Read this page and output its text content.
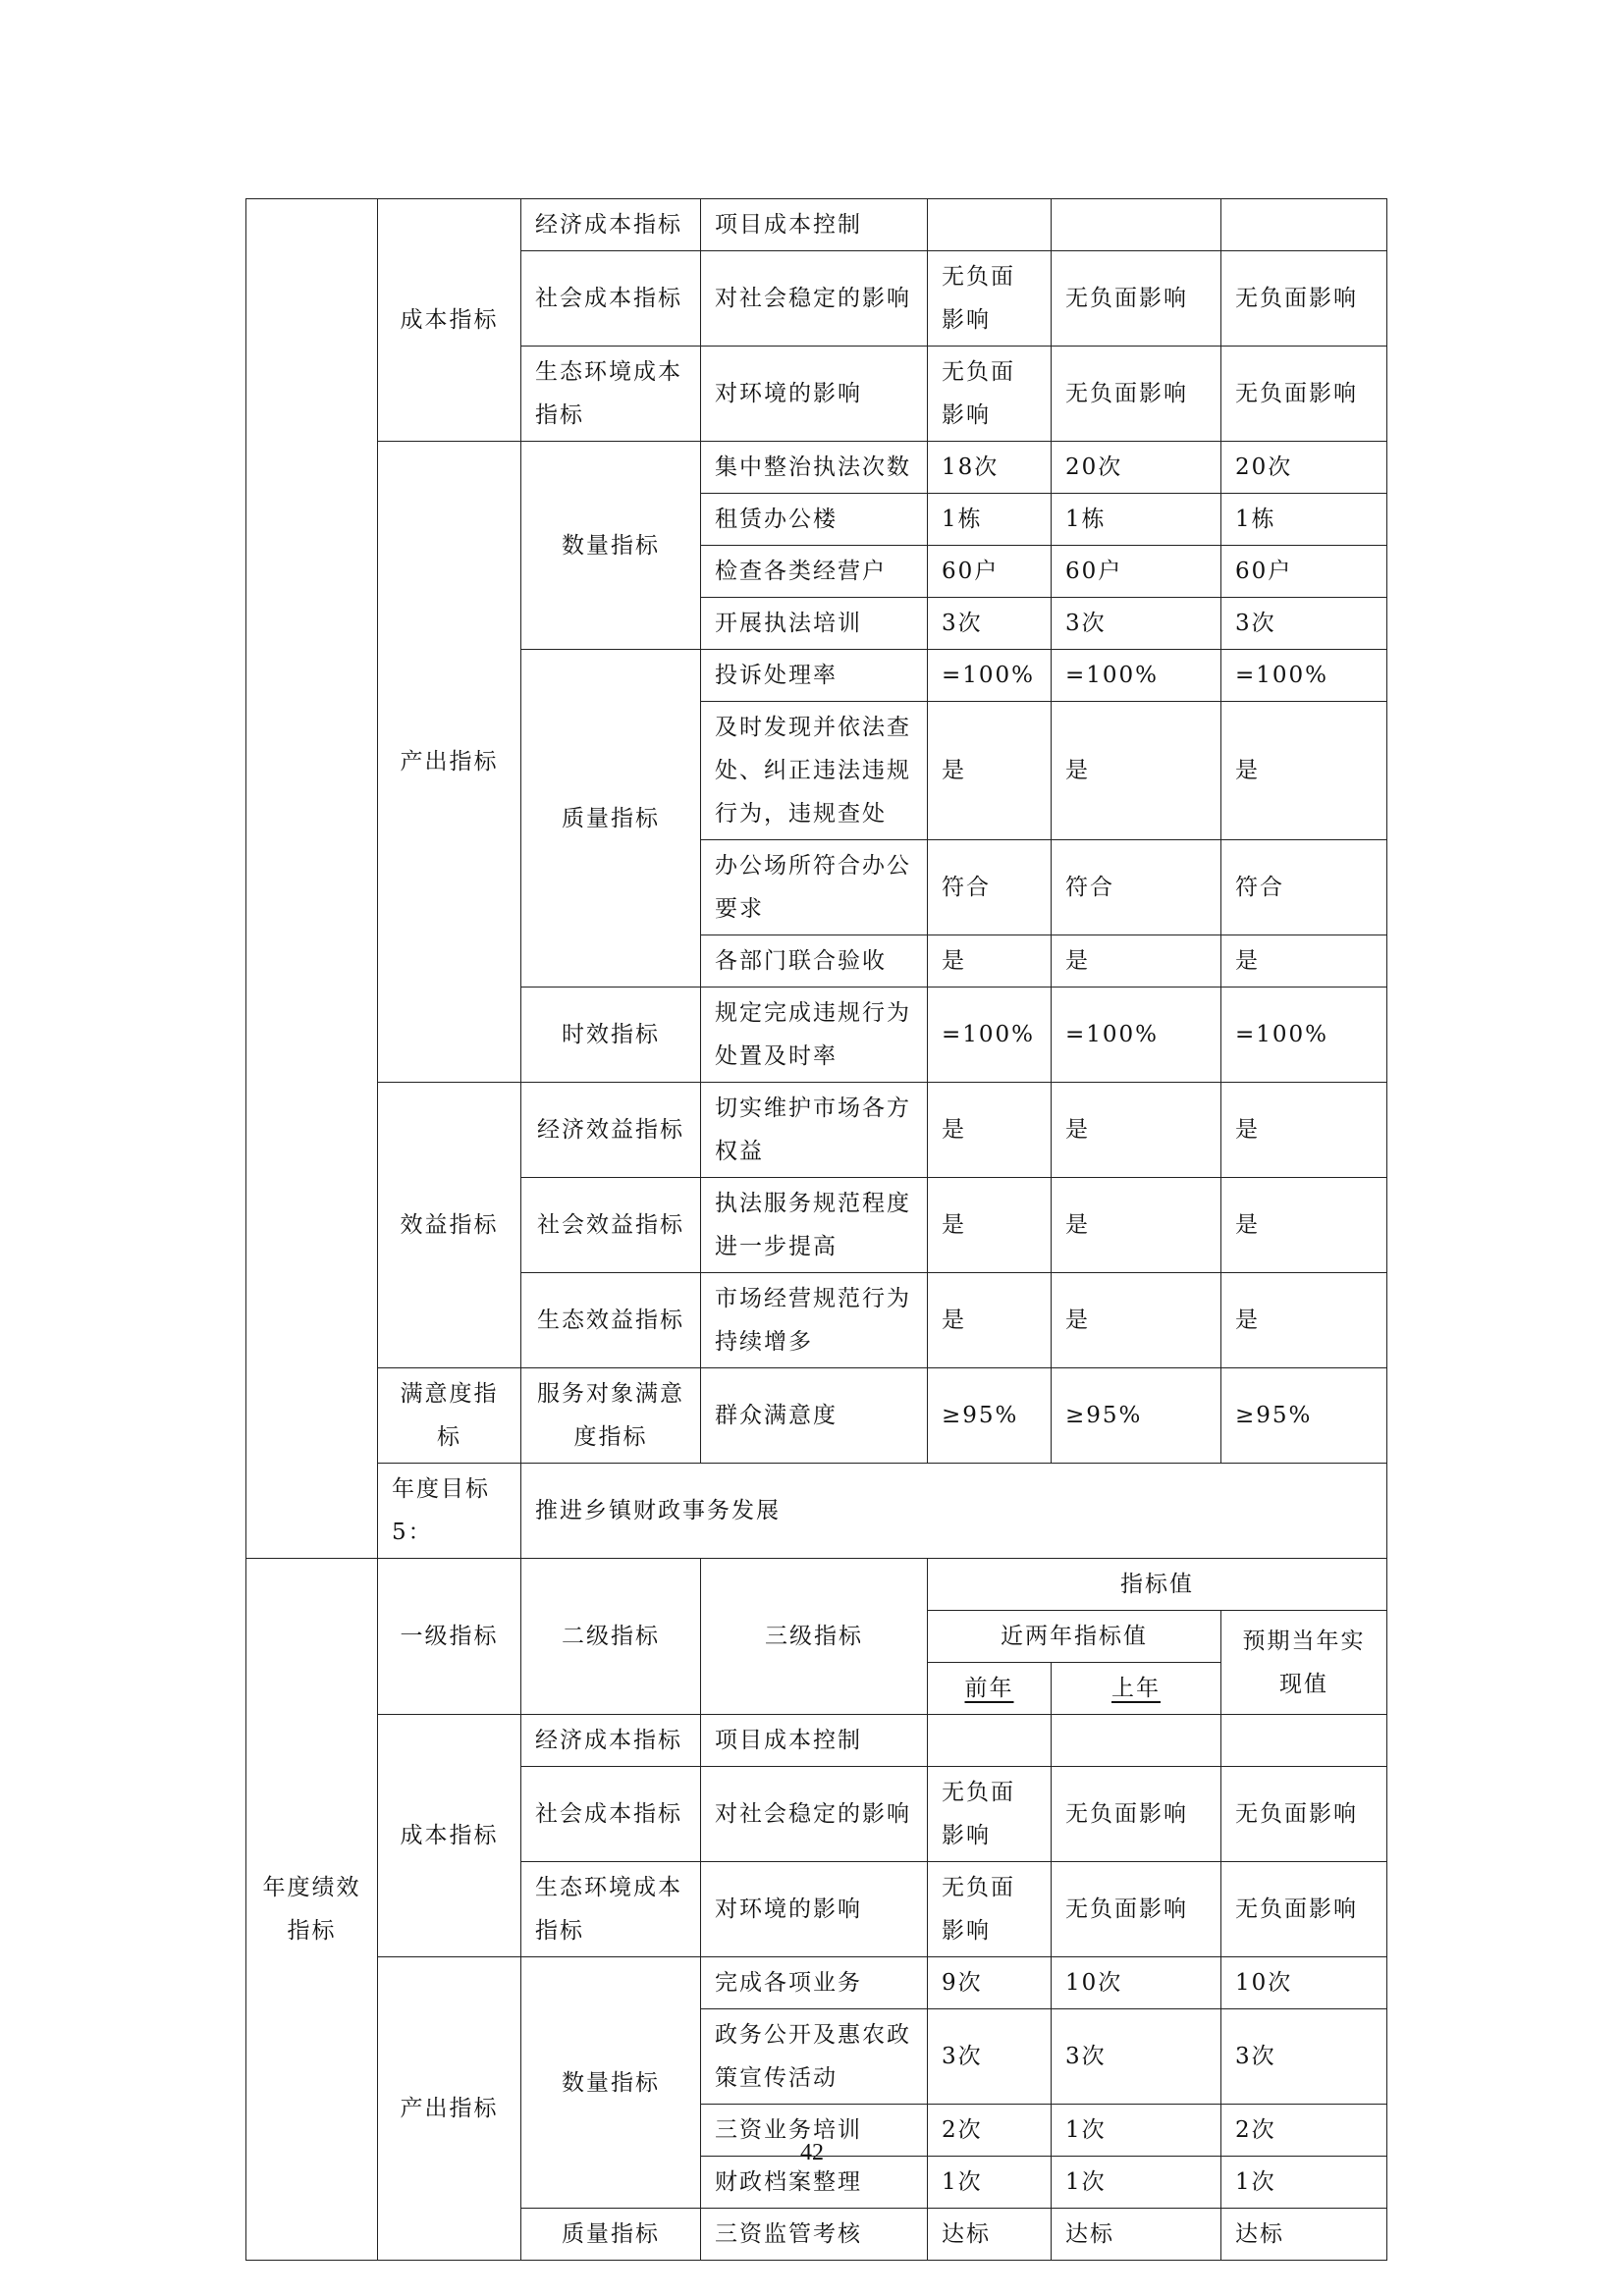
	成本指标	经济成本指标	项目成本控制			
		社会成本指标	对社会稳定的影响	无负面影响	无负面影响	无负面影响
		生态环境成本指标	对环境的影响	无负面影响	无负面影响	无负面影响
	产出指标	数量指标	集中整治执法次数	18次	20次	20次
			租赁办公楼	1栋	1栋	1栋
			检查各类经营户	60户	60户	60户
			开展执法培训	3次	3次	3次
		质量指标	投诉处理率	=100%	=100%	=100%
			及时发现并依法查处、纠正违法违规行为，违规查处	是	是	是
			办公场所符合办公要求	符合	符合	符合
			各部门联合验收	是	是	是
		时效指标	规定完成违规行为处置及时率	=100%	=100%	=100%
	效益指标	经济效益指标	切实维护市场各方权益	是	是	是
		社会效益指标	执法服务规范程度进一步提高	是	是	是
		生态效益指标	市场经营规范行为持续增多	是	是	是
	满意度指标	服务对象满意度指标	群众满意度	≥95%	≥95%	≥95%
	年度目标5：	推进乡镇财政事务发展				
年度绩效指标	一级指标	二级指标	三级指标	指标值		
				近两年指标值		预期当年实现值
				前年	上年	
	成本指标	经济成本指标	项目成本控制			
		社会成本指标	对社会稳定的影响	无负面影响	无负面影响	无负面影响
		生态环境成本指标	对环境的影响	无负面影响	无负面影响	无负面影响
	产出指标	数量指标	完成各项业务	9次	10次	10次
			政务公开及惠农政策宣传活动	3次	3次	3次
			三资业务培训	2次	1次	2次
			财政档案整理	1次	1次	1次
		质量指标	三资监管考核	达标	达标	达标
42
